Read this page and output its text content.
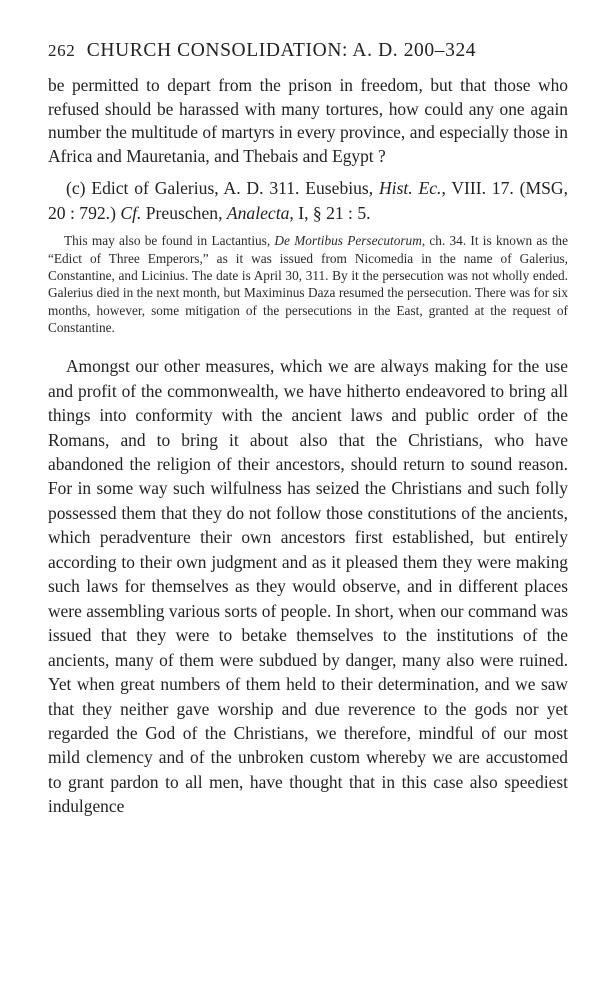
262 CHURCH CONSOLIDATION: A. D. 200–324

be permitted to depart from the prison in freedom, but that those who refused should be harassed with many tortures, how could any one again number the multitude of martyrs in every province, and especially those in Africa and Mauretania, and Thebais and Egypt ?

(c) Edict of Galerius, A. D. 311. Eusebius, Hist. Ec., VIII. 17. (MSG, 20 : 792.) Cf. Preuschen, Analecta, I, § 21 : 5.

This may also be found in Lactantius, De Mortibus Persecutorum, ch. 34. It is known as the “Edict of Three Emperors,” as it was issued from Nicomedia in the name of Galerius, Constantine, and Licinius. The date is April 30, 311. By it the persecution was not wholly ended. Galerius died in the next month, but Maximinus Daza resumed the persecution. There was for six months, however, some mitigation of the persecutions in the East, granted at the request of Constantine.

Amongst our other measures, which we are always making for the use and profit of the commonwealth, we have hitherto endeavored to bring all things into conformity with the ancient laws and public order of the Romans, and to bring it about also that the Christians, who have abandoned the religion of their ancestors, should return to sound reason. For in some way such wilfulness has seized the Christians and such folly possessed them that they do not follow those constitutions of the ancients, which peradventure their own ancestors first established, but entirely according to their own judgment and as it pleased them they were making such laws for themselves as they would observe, and in different places were assembling various sorts of people. In short, when our command was issued that they were to betake themselves to the institutions of the ancients, many of them were subdued by danger, many also were ruined. Yet when great numbers of them held to their determination, and we saw that they neither gave worship and due reverence to the gods nor yet regarded the God of the Christians, we therefore, mindful of our most mild clemency and of the unbroken custom whereby we are accustomed to grant pardon to all men, have thought that in this case also speediest indulgence
